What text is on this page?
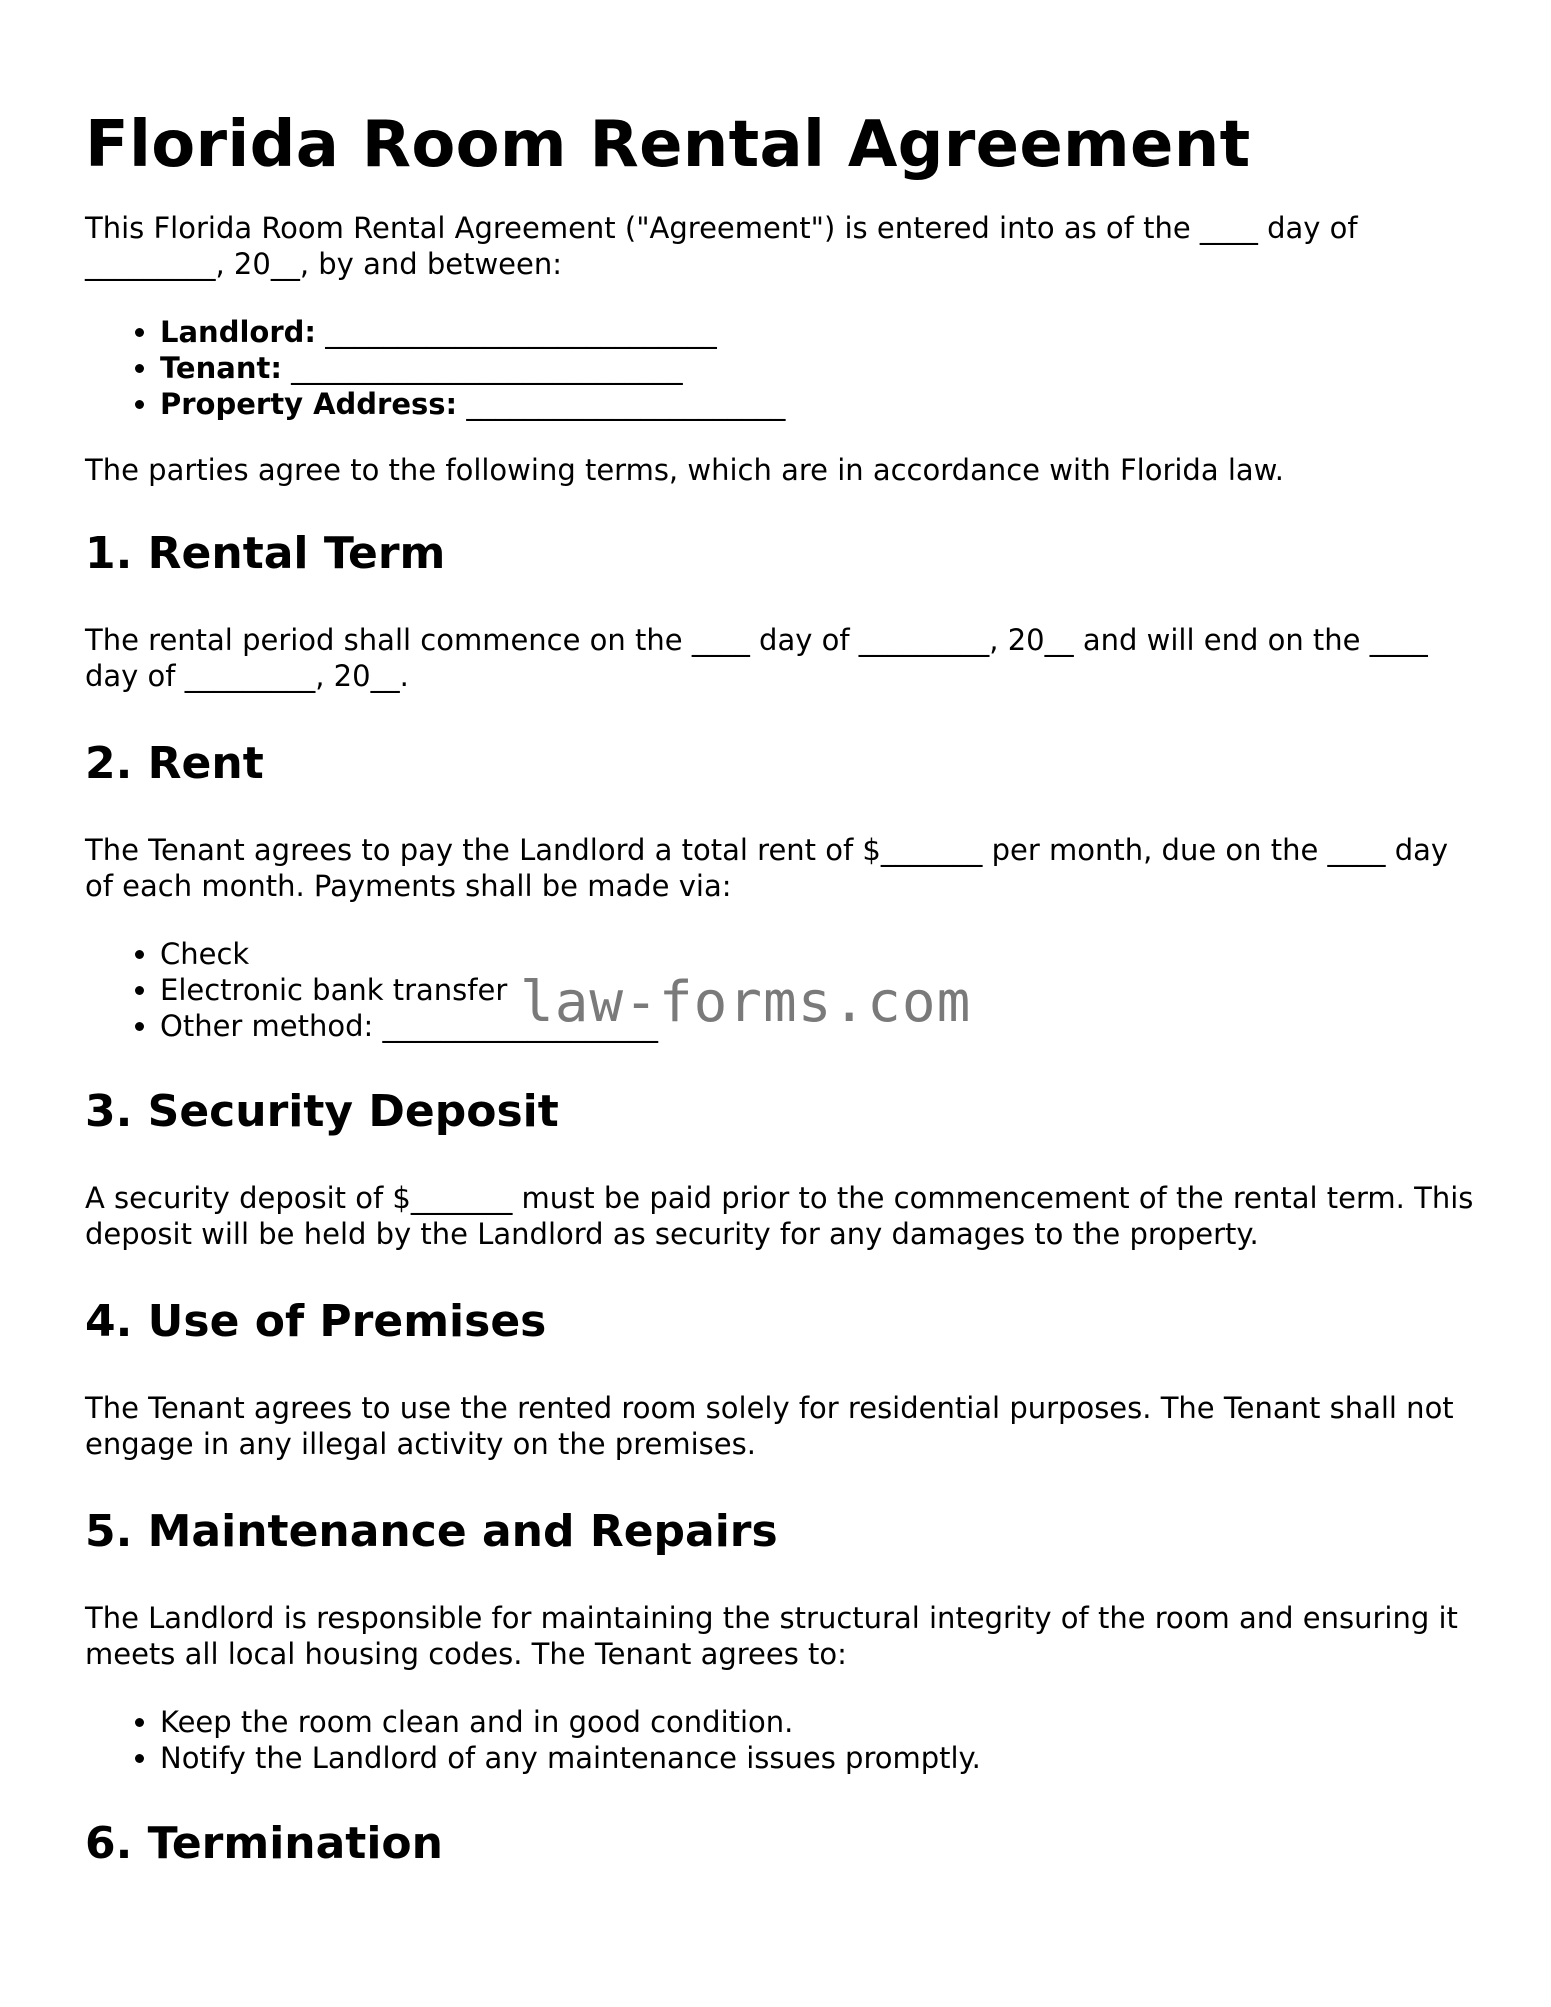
Florida Room Rental Agreement

This Florida Room Rental Agreement ("Agreement") is entered into as of the ____ day of _________, 20__, by and between:

• Landlord: ___________________________
• Tenant: ___________________________
• Property Address: ______________________

The parties agree to the following terms, which are in accordance with Florida law.

1. Rental Term

The rental period shall commence on the ____ day of _________, 20__ and will end on the ____ day of _________, 20__.

2. Rent

The Tenant agrees to pay the Landlord a total rent of $_______ per month, due on the ____ day of each month. Payments shall be made via:

• Check
• Electronic bank transfer
• Other method: ___________________
3. Security Deposit

A security deposit of $_______ must be paid prior to the commencement of the rental term. This deposit will be held by the Landlord as security for any damages to the property.

4. Use of Premises

The Tenant agrees to use the rented room solely for residential purposes. The Tenant shall not engage in any illegal activity on the premises.

5. Maintenance and Repairs

The Landlord is responsible for maintaining the structural integrity of the room and ensuring it meets all local housing codes. The Tenant agrees to:

• Keep the room clean and in good condition.
• Notify the Landlord of any maintenance issues promptly.
6. Termination
law-forms.com
